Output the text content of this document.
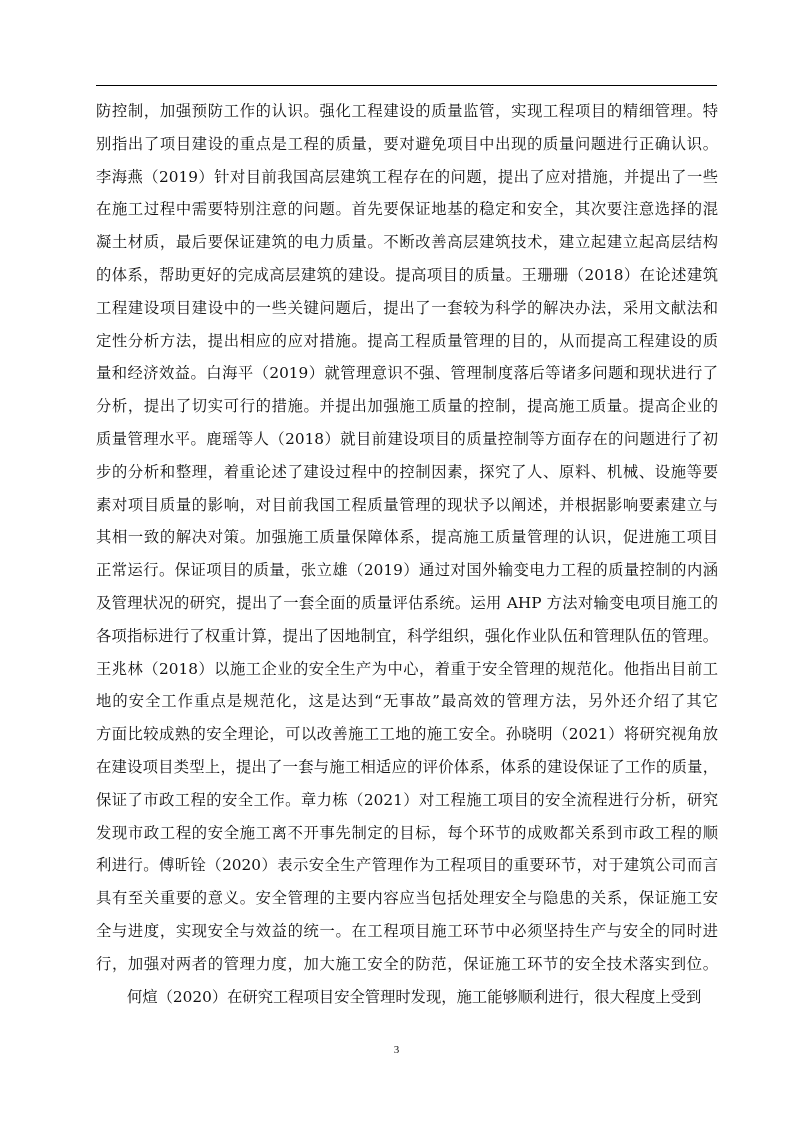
防控制，加强预防工作的认识。强化工程建设的质量监管，实现工程项目的精细管理。特
别指出了项目建设的重点是工程的质量，要对避免项目中出现的质量问题进行正确认识。
李海燕（2019）针对目前我国高层建筑工程存在的问题，提出了应对措施，并提出了一些
在施工过程中需要特别注意的问题。首先要保证地基的稳定和安全，其次要注意选择的混
凝土材质，最后要保证建筑的电力质量。不断改善高层建筑技术，建立起建立起高层结构
的体系，帮助更好的完成高层建筑的建设。提高项目的质量。王珊珊（2018）在论述建筑
工程建设项目建设中的一些关键问题后，提出了一套较为科学的解决办法，采用文献法和
定性分析方法，提出相应的应对措施。提高工程质量管理的目的，从而提高工程建设的质
量和经济效益。白海平（2019）就管理意识不强、管理制度落后等诸多问题和现状进行了
分析，提出了切实可行的措施。并提出加强施工质量的控制，提高施工质量。提高企业的
质量管理水平。鹿瑶等人（2018）就目前建设项目的质量控制等方面存在的问题进行了初
步的分析和整理，着重论述了建设过程中的控制因素，探究了人、原料、机械、设施等要
素对项目质量的影响，对目前我国工程质量管理的现状予以阐述，并根据影响要素建立与
其相一致的解决对策。加强施工质量保障体系，提高施工质量管理的认识，促进施工项目
正常运行。保证项目的质量，张立雄（2019）通过对国外输变电力工程的质量控制的内涵
及管理状况的研究，提出了一套全面的质量评估系统。运用 AHP 方法对输变电项目施工的
各项指标进行了权重计算，提出了因地制宜，科学组织，强化作业队伍和管理队伍的管理。
王兆林（2018）以施工企业的安全生产为中心，着重于安全管理的规范化。他指出目前工
地的安全工作重点是规范化，这是达到“无事故”最高效的管理方法，另外还介绍了其它
方面比较成熟的安全理论，可以改善施工工地的施工安全。孙晓明（2021）将研究视角放
在建设项目类型上，提出了一套与施工相适应的评价体系，体系的建设保证了工作的质量，
保证了市政工程的安全工作。章力栋（2021）对工程施工项目的安全流程进行分析，研究
发现市政工程的安全施工离不开事先制定的目标，每个环节的成败都关系到市政工程的顺
利进行。傅昕铨（2020）表示安全生产管理作为工程项目的重要环节，对于建筑公司而言
具有至关重要的意义。安全管理的主要内容应当包括处理安全与隐患的关系，保证施工安
全与进度，实现安全与效益的统一。在工程项目施工环节中必须坚持生产与安全的同时进
行，加强对两者的管理力度，加大施工安全的防范，保证施工环节的安全技术落实到位。
何煊（2020）在研究工程项目安全管理时发现，施工能够顺利进行，很大程度上受到
3
